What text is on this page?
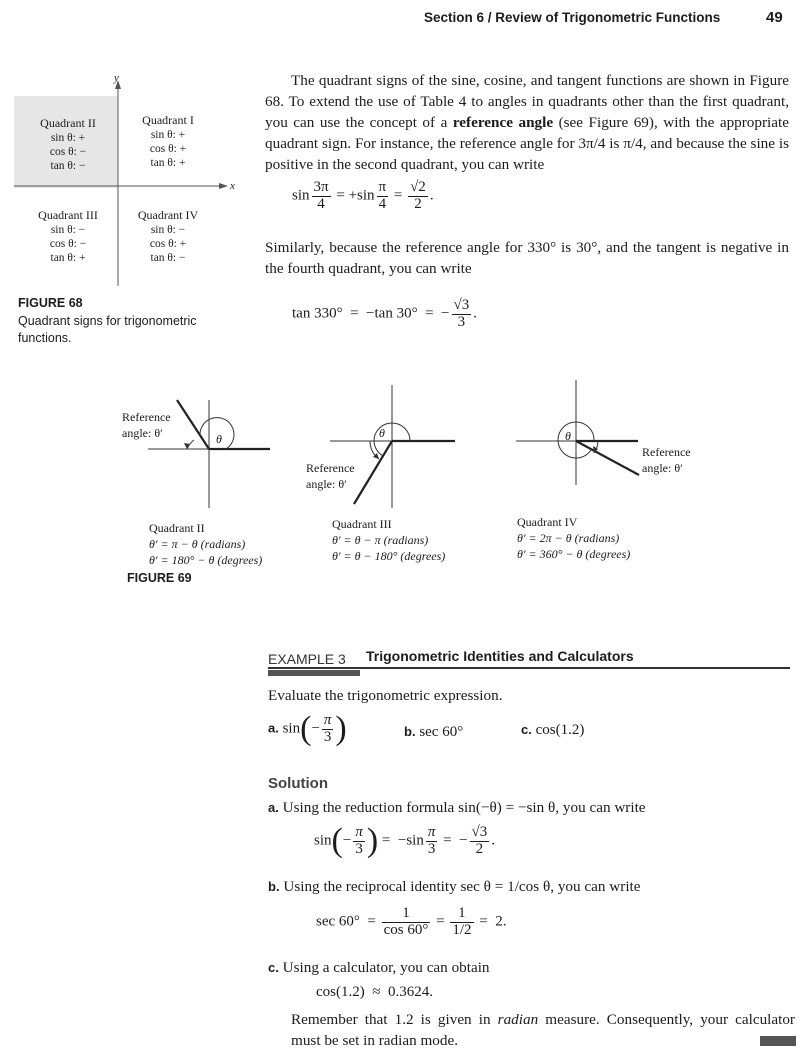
Section 6 / Review of Trigonometric Functions	49
y
x
Quadrant II
sin θ: +
cos θ: −
tan θ: −
Quadrant I
sin θ: +
cos θ: +
tan θ: +
Quadrant III
sin θ: −
cos θ: −
tan θ: +
Quadrant IV
sin θ: −
cos θ: +
tan θ: −
FIGURE 68
Quadrant signs for trigonometric functions.
The quadrant signs of the sine, cosine, and tangent functions are shown in Figure 68. To extend the use of Table 4 to angles in quadrants other than the first quadrant, you can use the concept of a reference angle (see Figure 69), with the appropriate quadrant sign. For instance, the reference angle for 3π/4 is π/4, and because the sine is positive in the second quadrant, you can write
$\sin \frac{3\pi}{4} = +\sin \frac{\pi}{4} = \frac{√2}{2}$ .
Similarly, because the reference angle for 330° is 30°, and the tangent is negative in the fourth quadrant, you can write
tan 330°  =  −tan 30°  =  − $\frac{√3}{3}$ .
θ	θ	θ
Reference
angle: θ′
Reference
angle: θ′
Reference
angle: θ′
Quadrant II
θ′ = π − θ (radians)
θ′ = 180° − θ (degrees)
Quadrant III
θ′ = θ − π (radians)
θ′ = θ − 180° (degrees)
Quadrant IV
θ′ = 2π − θ (radians)
θ′ = 360° − θ (degrees)
FIGURE 69
EXAMPLE 3 Trigonometric Identities and Calculators
Evaluate the trigonometric expression.
a. $\sin(- \frac{\pi}{3}$ )	b. sec 60°	c. cos(1.2)
Solution
a. Using the reduction formula sin(−θ) = −sin θ, you can write
$\sin(- \frac{\pi}{3}$ ) =  $-\sin \frac{\pi}{3}$ =  − $\frac{√3}{2}$ .
b. Using the reciprocal identity sec θ = 1/cos θ, you can write
$\sec 60^\circ = \frac{1}{\cos 60^\circ} = \frac{1}{1/2} = 2$.
c. Using a calculator, you can obtain
cos(1.2)  ≈  0.3624.
Remember that 1.2 is given in radian measure. Consequently, your calculator must be set in radian mode.
